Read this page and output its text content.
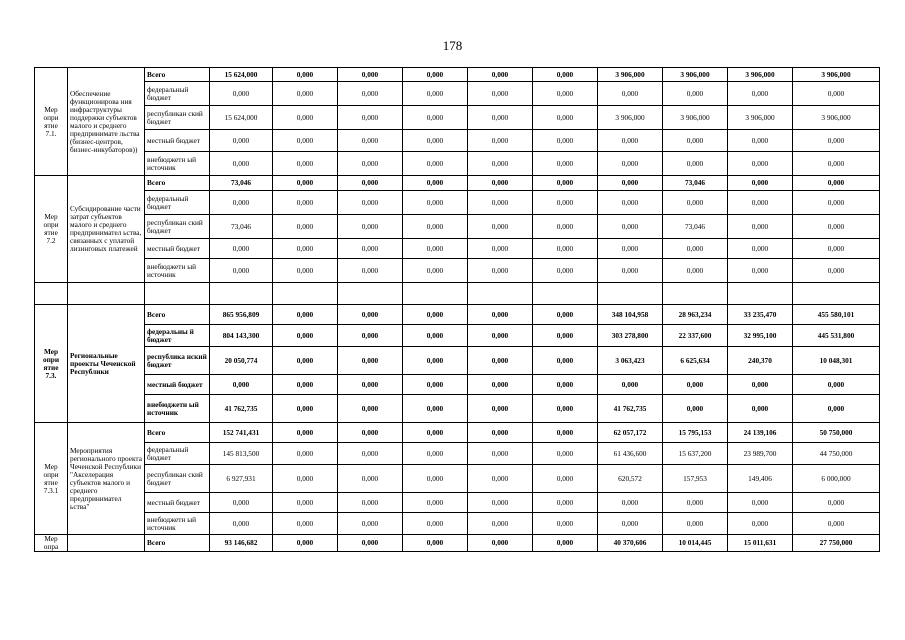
178
Мер
опри
ятие
7.1.	Обеспечение функционирова ния инфраструктуры поддержки субъектов малого и среднего предприниматe льства (бизнес-центров, бизнес-инкубаторов))	Всего	15 624,000	0,000	0,000	0,000	0,000	0,000	3 906,000	3 906,000	3 906,000	3 906,000
		федеральный бюджет	0,000	0,000	0,000	0,000	0,000	0,000	0,000	0,000	0,000	0,000
		республикан ский бюджет	15 624,000	0,000	0,000	0,000	0,000	0,000	3 906,000	3 906,000	3 906,000	3 906,000
		местный бюджет	0,000	0,000	0,000	0,000	0,000	0,000	0,000	0,000	0,000	0,000
		внебюджетн ый источник	0,000	0,000	0,000	0,000	0,000	0,000	0,000	0,000	0,000	0,000
Мер
опри
ятие
7.2	Субсидирование части затрат субъектов малого и среднего предпринимател ьства, связанных с уплатой лизинговых платежей	Всего	73,046	0,000	0,000	0,000	0,000	0,000	0,000	73,046	0,000	0,000
		федеральный бюджет	0,000	0,000	0,000	0,000	0,000	0,000	0,000	0,000	0,000	0,000
		республикан ский бюджет	73,046	0,000	0,000	0,000	0,000	0,000	0,000	73,046	0,000	0,000
		местный бюджет	0,000	0,000	0,000	0,000	0,000	0,000	0,000	0,000	0,000	0,000
		внебюджетн ый источник	0,000	0,000	0,000	0,000	0,000	0,000	0,000	0,000	0,000	0,000

Мер
опри
ятие
7.3.	Региональные проекты Чеченской Республики	Всего	865 956,809	0,000	0,000	0,000	0,000	0,000	348 104,958	28 963,234	33 235,470	455 580,101
		федеральны й бюджет	804 143,300	0,000	0,000	0,000	0,000	0,000	303 278,800	22 337,600	32 995,100	445 531,800
		республика нский бюджет	20 050,774	0,000	0,000	0,000	0,000	0,000	3 063,423	6 625,634	240,370	10 048,301
		местный бюджет	0,000	0,000	0,000	0,000	0,000	0,000	0,000	0,000	0,000	0,000
		внебюджетн ый источник	41 762,735	0,000	0,000	0,000	0,000	0,000	41 762,735	0,000	0,000	0,000
Мер
опри
ятие
7.3.1	Мероприятия регионального проекта Чеченской Республики "Акселерация субъектов малого и среднего предпринимател ьства"	Всего	152 741,431	0,000	0,000	0,000	0,000	0,000	62 057,172	15 795,153	24 139,106	50 750,000
		федеральный бюджет	145 813,500	0,000	0,000	0,000	0,000	0,000	61 436,600	15 637,200	23 989,700	44 750,000
		республикан ский бюджет	6 927,931	0,000	0,000	0,000	0,000	0,000	620,572	157,953	149,406	6 000,000
		местный бюджет	0,000	0,000	0,000	0,000	0,000	0,000	0,000	0,000	0,000	0,000
		внебюджетн ый источник	0,000	0,000	0,000	0,000	0,000	0,000	0,000	0,000	0,000	0,000
Мер
опра		Всего	93 146,682	0,000	0,000	0,000	0,000	0,000	40 370,606	10 014,445	15 011,631	27 750,000
